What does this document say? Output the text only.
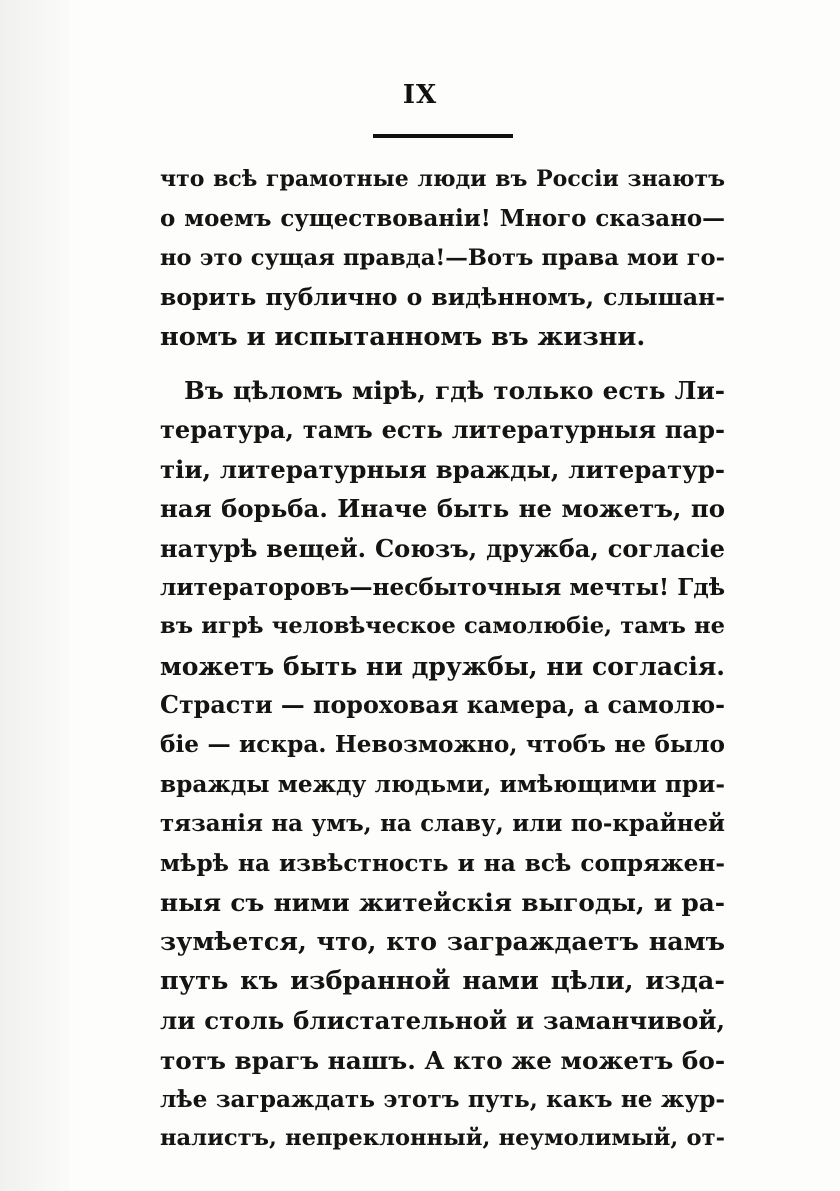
IX
что всѣ грамотные люди въ Россіи знаютъ
о моемъ существованіи! Много сказано—
но это сущая правда!—Вотъ права мои го-
ворить публично о видѣнномъ, слышан-
номъ и испытанномъ въ жизни.
Въ цѣломъ мірѣ, гдѣ только есть Ли-
тература, тамъ есть литературныя пар-
тіи, литературныя вражды, литератур-
ная борьба. Иначе быть не можетъ, по
натурѣ вещей. Союзъ, дружба, согласіе
литераторовъ—несбыточныя мечты! Гдѣ
въ игрѣ человѣческое самолюбіе, тамъ не
можетъ быть ни дружбы, ни согласія.
Страсти — пороховая камера, а самолю-
біе — искра. Невозможно, чтобъ не было
вражды между людьми, имѣющими при-
тязанія на умъ, на славу, или по-крайней
мѣрѣ на извѣстность и на всѣ сопряжен-
ныя съ ними житейскія выгоды, и ра-
зумѣется, что, кто заграждаетъ намъ
путь къ избранной нами цѣли, изда-
ли столь блистательной и заманчивой,
тотъ врагъ нашъ. А кто же можетъ бо-
лѣе заграждать этотъ путь, какъ не жур-
налистъ, непреклонный, неумолимый, от-
